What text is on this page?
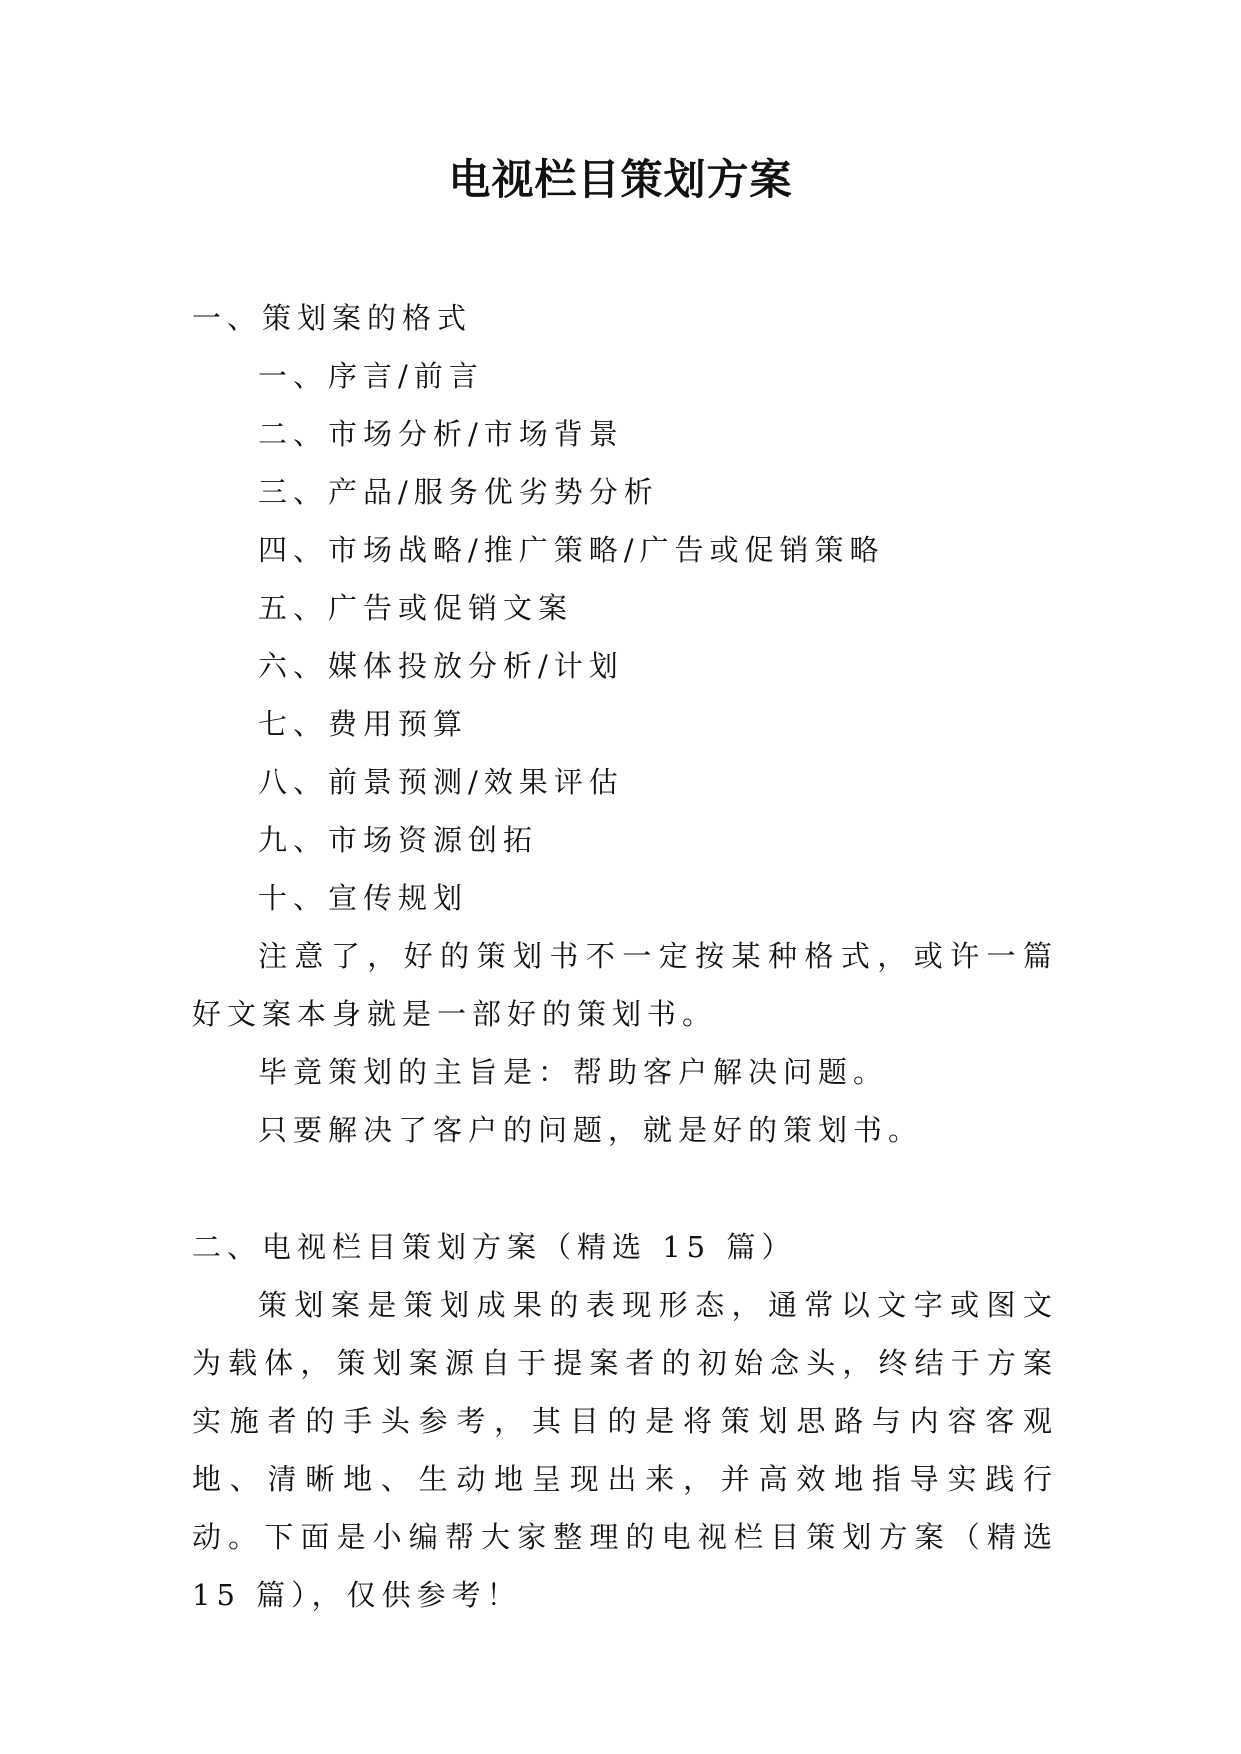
电视栏目策划方案
一、策划案的格式
一、序言/前言
二、市场分析/市场背景
三、产品/服务优劣势分析
四、市场战略/推广策略/广告或促销策略
五、广告或促销文案
六、媒体投放分析/计划
七、费用预算
八、前景预测/效果评估
九、市场资源创拓
十、宣传规划
注意了，好的策划书不一定按某种格式，或许一篇好文案本身就是一部好的策划书。
毕竟策划的主旨是：帮助客户解决问题。
只要解决了客户的问题，就是好的策划书。
二、电视栏目策划方案（精选 15 篇）
策划案是策划成果的表现形态，通常以文字或图文为载体，策划案源自于提案者的初始念头，终结于方案实施者的手头参考，其目的是将策划思路与内容客观地、清晰地、生动地呈现出来，并高效地指导实践行动。下面是小编帮大家整理的电视栏目策划方案（精选 15 篇），仅供参考！
